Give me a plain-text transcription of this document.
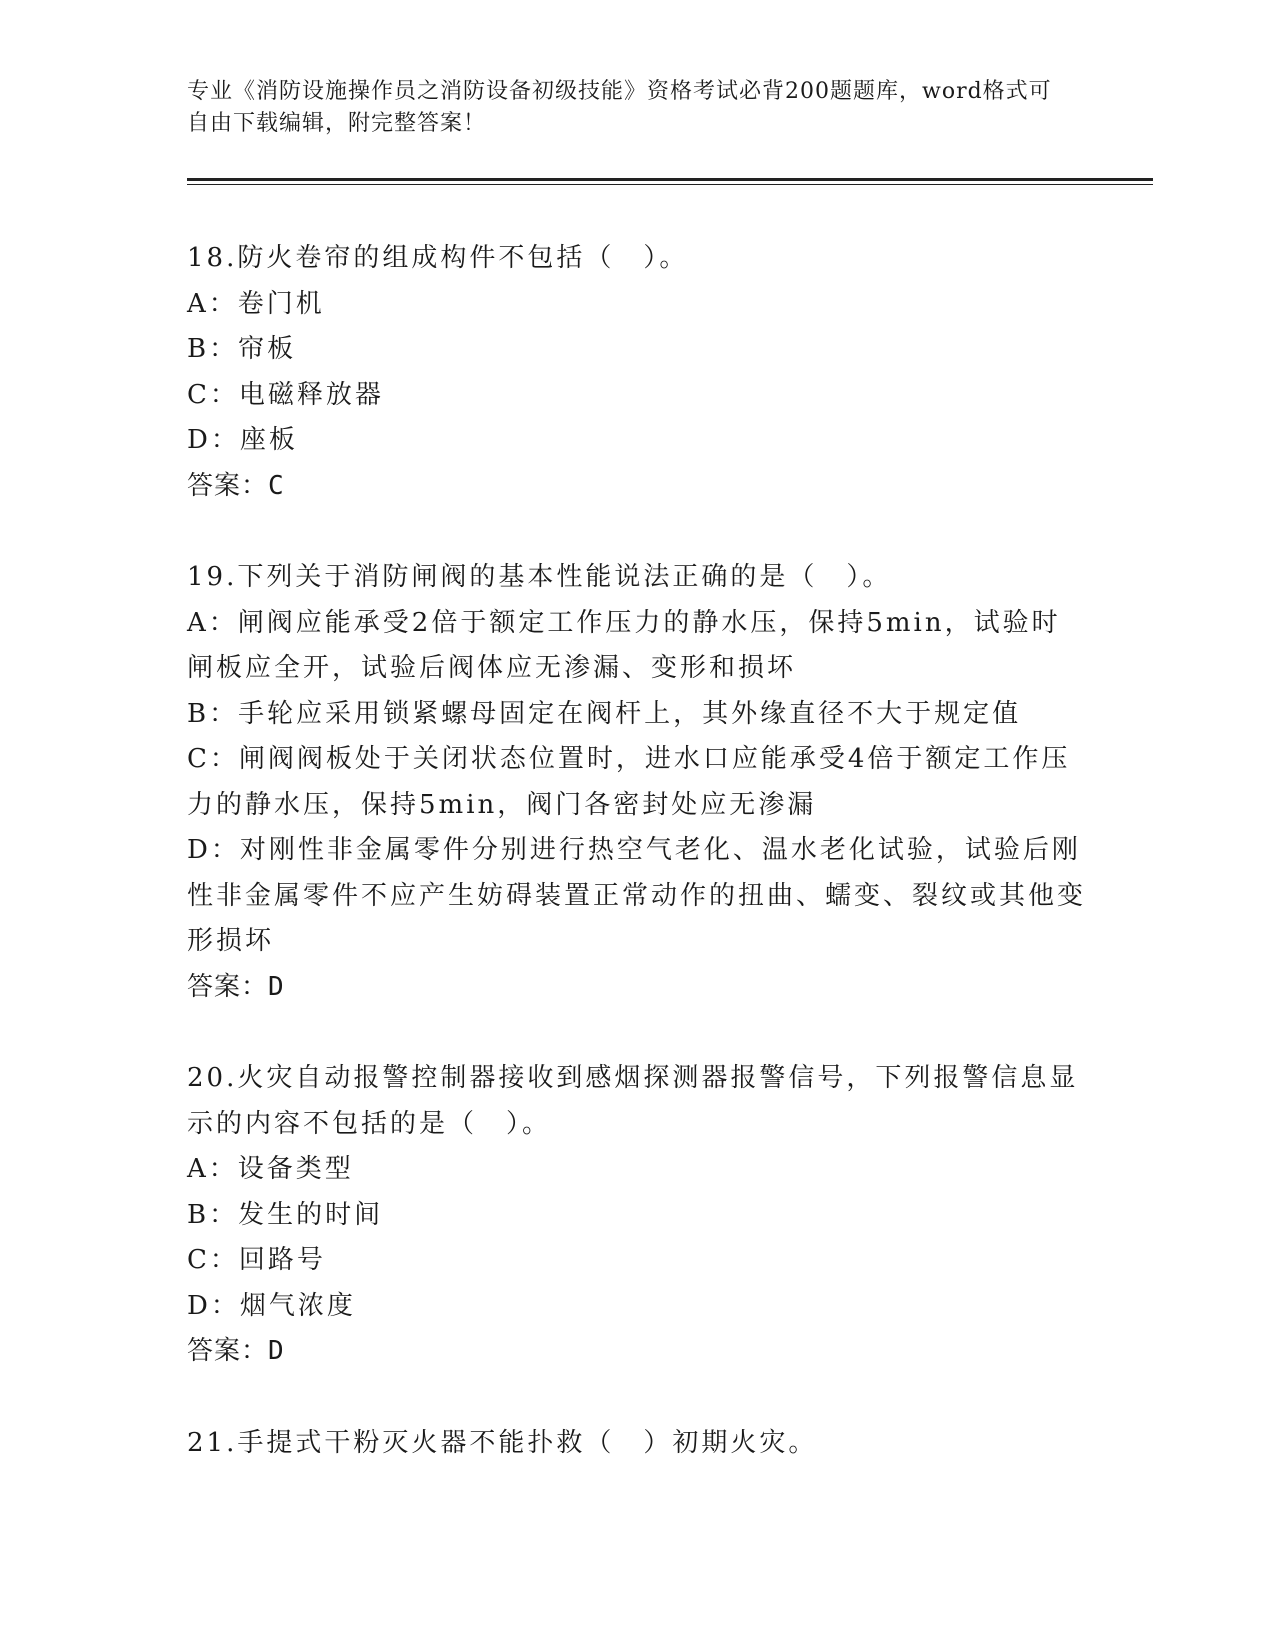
专业《消防设施操作员之消防设备初级技能》资格考试必背200题题库，word格式可自由下载编辑，附完整答案！
18.防火卷帘的组成构件不包括（　）。
A：卷门机
B：帘板
C：电磁释放器
D：座板
答案：C
19.下列关于消防闸阀的基本性能说法正确的是（　）。
A：闸阀应能承受2倍于额定工作压力的静水压，保持5min，试验时闸板应全开，试验后阀体应无渗漏、变形和损坏
B：手轮应采用锁紧螺母固定在阀杆上，其外缘直径不大于规定值
C：闸阀阀板处于关闭状态位置时，进水口应能承受4倍于额定工作压力的静水压，保持5min，阀门各密封处应无渗漏
D：对刚性非金属零件分别进行热空气老化、温水老化试验，试验后刚性非金属零件不应产生妨碍装置正常动作的扭曲、蠕变、裂纹或其他变形损坏
答案：D
20.火灾自动报警控制器接收到感烟探测器报警信号，下列报警信息显示的内容不包括的是（　）。
A：设备类型
B：发生的时间
C：回路号
D：烟气浓度
答案：D
21.手提式干粉灭火器不能扑救（　）初期火灾。
